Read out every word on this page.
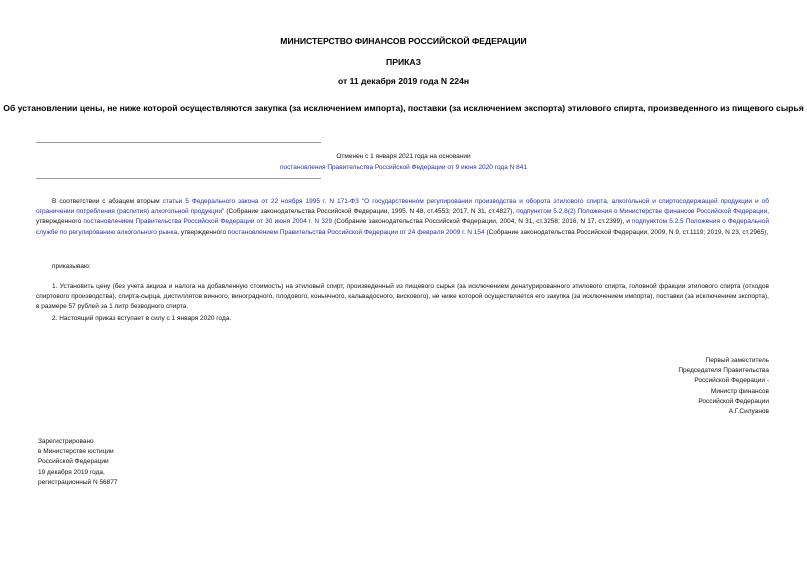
МИНИСТЕРСТВО ФИНАНСОВ РОССИЙСКОЙ ФЕДЕРАЦИИ
ПРИКАЗ
от 11 декабря 2019 года N 224н
Об установлении цены, не ниже которой осуществляются закупка (за исключением импорта), поставки (за исключением экспорта) этилового спирта, произведенного из пищевого сырья
Отменен с 1 января 2021 года на основании
постановления Правительства Российской Федерации от 9 июня 2020 года N 841
В соответствии с абзацем вторым статьи 5 Федерального закона от 22 ноября 1995 г. N 171-ФЗ "О государственном регулировании производства и оборота этилового спирта, алкогольной и спиртосодержащей продукции и об ограничении потребления (распития) алкогольной продукции" (Собрание законодательства Российской Федерации, 1995, N 48, ст.4553; 2017, N 31, ст.4827), подпунктом 5.2.8(2) Положения о Министерстве финансов Российской Федерации, утвержденного постановлением Правительства Российской Федерации от 30 июня 2004 г. N 329 (Собрание законодательства Российской Федерации, 2004, N 31, ст.3258; 2016, N 17, ст.2399), и подпунктом 5.2.5 Положения о Федеральной службе по регулированию алкогольного рынка, утвержденного постановлением Правительства Российской Федерации от 24 февраля 2009 г. N 154 (Собрание законодательства Российской Федерации, 2009, N 9, ст.1119; 2019, N 23, ст.2965),
приказываю:
1. Установить цену (без учета акциза и налога на добавленную стоимость) на этиловый спирт, произведенный из пищевого сырья (за исключением денатурированного этилового спирта, головной фракции этилового спирта (отходов спиртового производства), спирта-сырца, дистиллятов винного, виноградного, плодового, коньячного, кальвадосного, вискового), не ниже которой осуществляется его закупка (за исключением импорта), поставки (за исключением экспорта), в размере 57 рублей за 1 литр безводного спирта.
2. Настоящий приказ вступает в силу с 1 января 2020 года.
Первый заместитель
Председателя Правительства
Российской Федерации -
Министр финансов
Российской Федерации
А.Г.Силуанов
Зарегистрировано
в Министерстве юстиции
Российской Федерации
19 декабря 2019 года,
регистрационный N 56877
